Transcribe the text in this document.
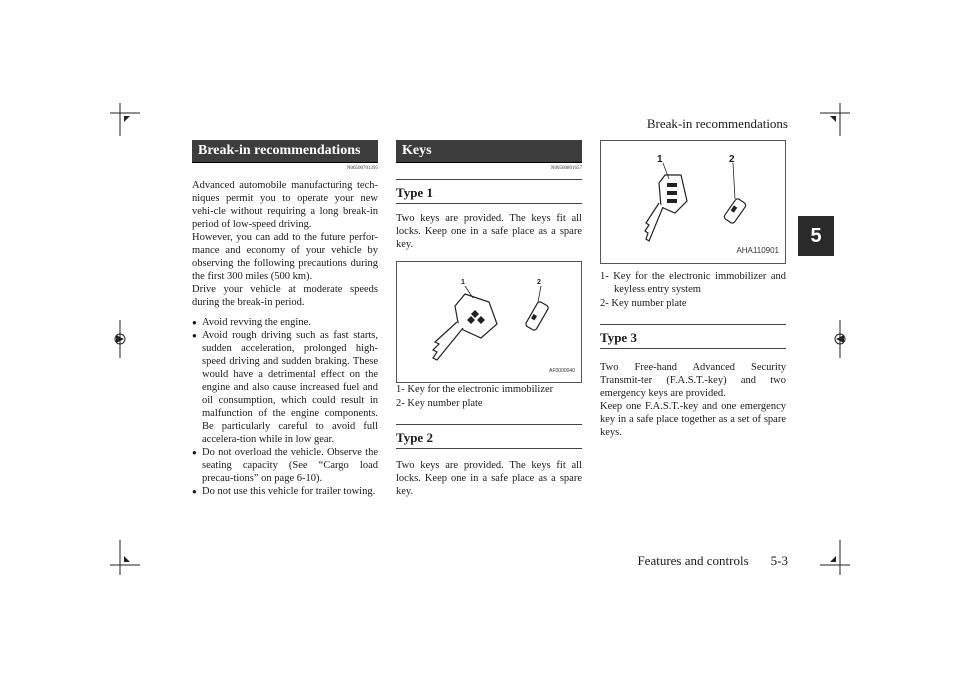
Break-in recommendations
5
Break-in recommendations
N00500701395

Advanced automobile manufacturing tech-niques permit you to operate your new vehi-cle without requiring a long break-in period of low-speed driving.

However, you can add to the future perfor-mance and economy of your vehicle by observing the following precautions during the first 300 miles (500 km).

Drive your vehicle at moderate speeds during the break-in period.

● Avoid revving the engine.
● Avoid rough driving such as fast starts, sudden acceleration, prolonged high-speed driving and sudden braking. These would have a detrimental effect on the engine and also cause increased fuel and oil consumption, which could result in malfunction of the engine components. Be particularly careful to avoid full accelera-tion while in low gear.
● Do not overload the vehicle. Observe the seating capacity (See “Cargo load precau-tions” on page 6-10).
● Do not use this vehicle for trailer towing.
Keys
N00500801657
Type 1

Two keys are provided. The keys fit all locks. Keep one in a safe place as a spare key.

1	2
AF0000040

1- Key for the electronic immobilizer

2- Key number plate

Type 2

Two keys are provided. The keys fit all locks. Keep one in a safe place as a spare key.

1	2
AHA110901

1- Key for the electronic immobilizer and keyless entry system

2- Key number plate

Type 3

Two Free-hand Advanced Security Transmit-ter (F.A.S.T.-key) and two emergency keys are provided.

Keep one F.A.S.T.-key and one emergency key in a safe place together as a set of spare keys.

Features and controls 5-3
